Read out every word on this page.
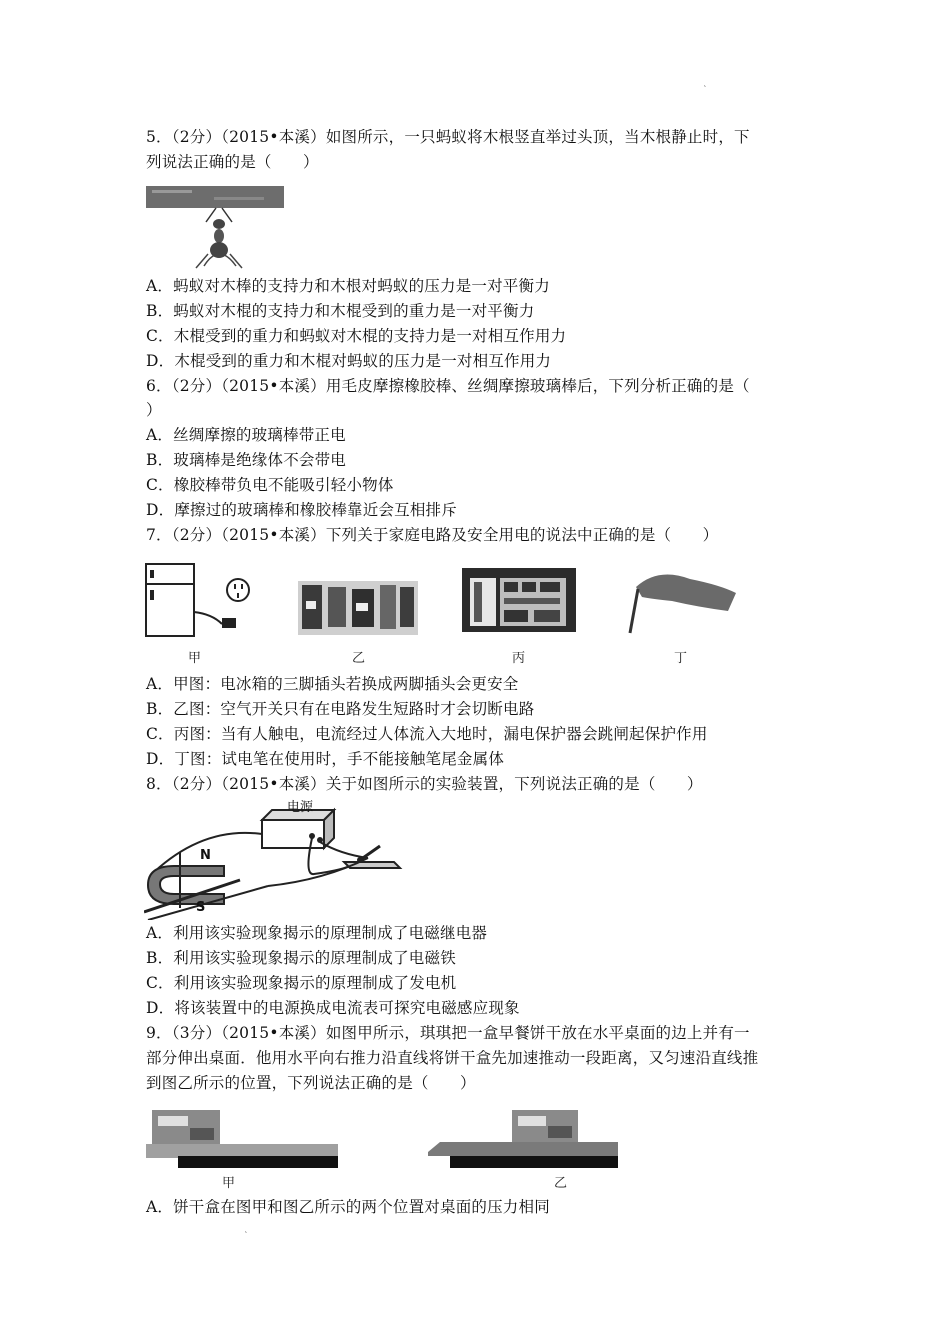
˛
5．（2分）（2015•本溪）如图所示，一只蚂蚁将木根竖直举过头顶，当木根静止时，下
列说法正确的是（　　）
A．蚂蚁对木棒的支持力和木根对蚂蚁的压力是一对平衡力
B．蚂蚁对木棍的支持力和木棍受到的重力是一对平衡力
C．木棍受到的重力和蚂蚁对木棍的支持力是一对相互作用力
D．木棍受到的重力和木棍对蚂蚁的压力是一对相互作用力
6．（2分）（2015•本溪）用毛皮摩擦橡胶棒、丝绸摩擦玻璃棒后，下列分析正确的是（
）
A．丝绸摩擦的玻璃棒带正电
B．玻璃棒是绝缘体不会带电
C．橡胶棒带负电不能吸引轻小物体
D．摩擦过的玻璃棒和橡胶棒靠近会互相排斥
7．（2分）（2015•本溪）下列关于家庭电路及安全用电的说法中正确的是（　　）
甲	乙	丙	丁
A．甲图：电冰箱的三脚插头若换成两脚插头会更安全
B．乙图：空气开关只有在电路发生短路时才会切断电路
C．丙图：当有人触电，电流经过人体流入大地时，漏电保护器会跳闸起保护作用
D．丁图：试电笔在使用时，手不能接触笔尾金属体
8．（2分）（2015•本溪）关于如图所示的实验装置，下列说法正确的是（　　）
电源
N
S
A．利用该实验现象揭示的原理制成了电磁继电器
B．利用该实验现象揭示的原理制成了电磁铁
C．利用该实验现象揭示的原理制成了发电机
D．将该装置中的电源换成电流表可探究电磁感应现象
9．（3分）（2015•本溪）如图甲所示，琪琪把一盒早餐饼干放在水平桌面的边上并有一
部分伸出桌面．他用水平向右推力沿直线将饼干盒先加速推动一段距离，又匀速沿直线推
到图乙所示的位置，下列说法正确的是（　　）
甲	乙
A．饼干盒在图甲和图乙所示的两个位置对桌面的压力相同
˛
